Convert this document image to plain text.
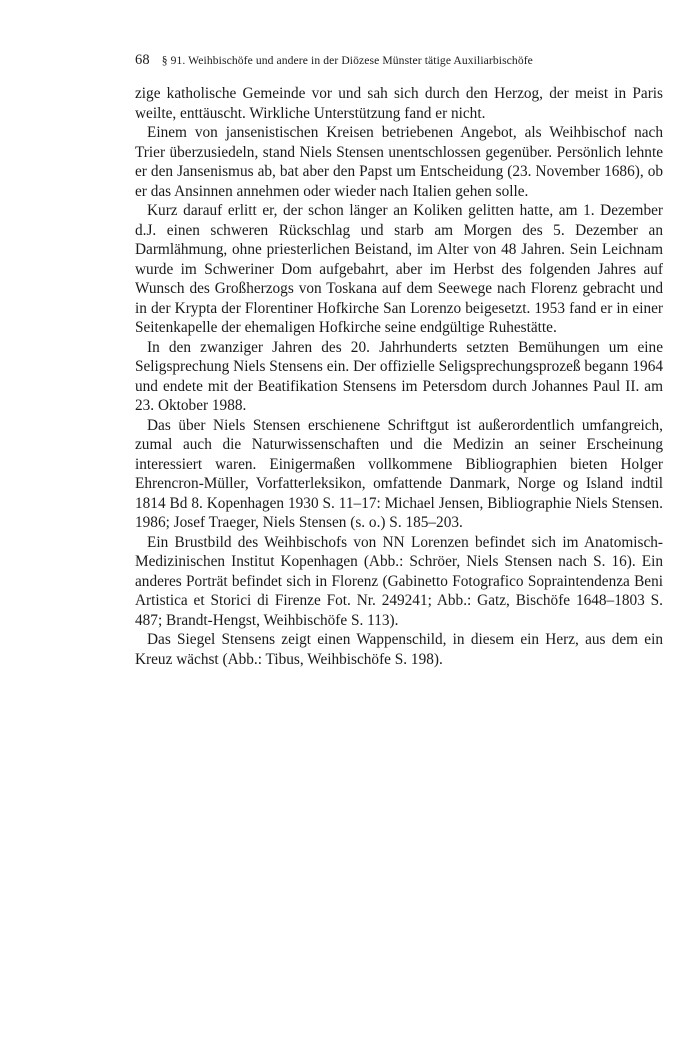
68 § 91. Weihbischöfe und andere in der Diözese Münster tätige Auxiliarbischöfe

zige katholische Gemeinde vor und sah sich durch den Herzog, der meist in Paris weilte, enttäuscht. Wirkliche Unterstützung fand er nicht.

Einem von jansenistischen Kreisen betriebenen Angebot, als Weihbischof nach Trier überzusiedeln, stand Niels Stensen unentschlossen gegenüber. Persönlich lehnte er den Jansenismus ab, bat aber den Papst um Entscheidung (23. November 1686), ob er das Ansinnen annehmen oder wieder nach Italien gehen solle.

Kurz darauf erlitt er, der schon länger an Koliken gelitten hatte, am 1. Dezember d.J. einen schweren Rückschlag und starb am Morgen des 5. Dezember an Darmlähmung, ohne priesterlichen Beistand, im Alter von 48 Jahren. Sein Leichnam wurde im Schweriner Dom aufgebahrt, aber im Herbst des folgenden Jahres auf Wunsch des Großherzogs von Toskana auf dem Seewege nach Florenz gebracht und in der Krypta der Florentiner Hofkirche San Lorenzo beigesetzt. 1953 fand er in einer Seitenkapelle der ehemaligen Hofkirche seine endgültige Ruhestätte.

In den zwanziger Jahren des 20. Jahrhunderts setzten Bemühungen um eine Seligsprechung Niels Stensens ein. Der offizielle Seligsprechungsprozeß begann 1964 und endete mit der Beatifikation Stensens im Petersdom durch Johannes Paul II. am 23. Oktober 1988.

Das über Niels Stensen erschienene Schriftgut ist außerordentlich umfangreich, zumal auch die Naturwissenschaften und die Medizin an seiner Erscheinung interessiert waren. Einigermaßen vollkommene Bibliographien bieten Holger Ehrencron-Müller, Vorfatterleksikon, omfattende Danmark, Norge og Island indtil 1814 Bd 8. Kopenhagen 1930 S. 11–17: Michael Jensen, Bibliographie Niels Stensen. 1986; Josef Traeger, Niels Stensen (s. o.) S. 185–203.

Ein Brustbild des Weihbischofs von NN Lorenzen befindet sich im Anatomisch-Medizinischen Institut Kopenhagen (Abb.: Schröer, Niels Stensen nach S. 16). Ein anderes Porträt befindet sich in Florenz (Gabinetto Fotografico Sopraintendenza Beni Artistica et Storici di Firenze Fot. Nr. 249241; Abb.: Gatz, Bischöfe 1648–1803 S. 487; Brandt-Hengst, Weihbischöfe S. 113).

Das Siegel Stensens zeigt einen Wappenschild, in diesem ein Herz, aus dem ein Kreuz wächst (Abb.: Tibus, Weihbischöfe S. 198).
